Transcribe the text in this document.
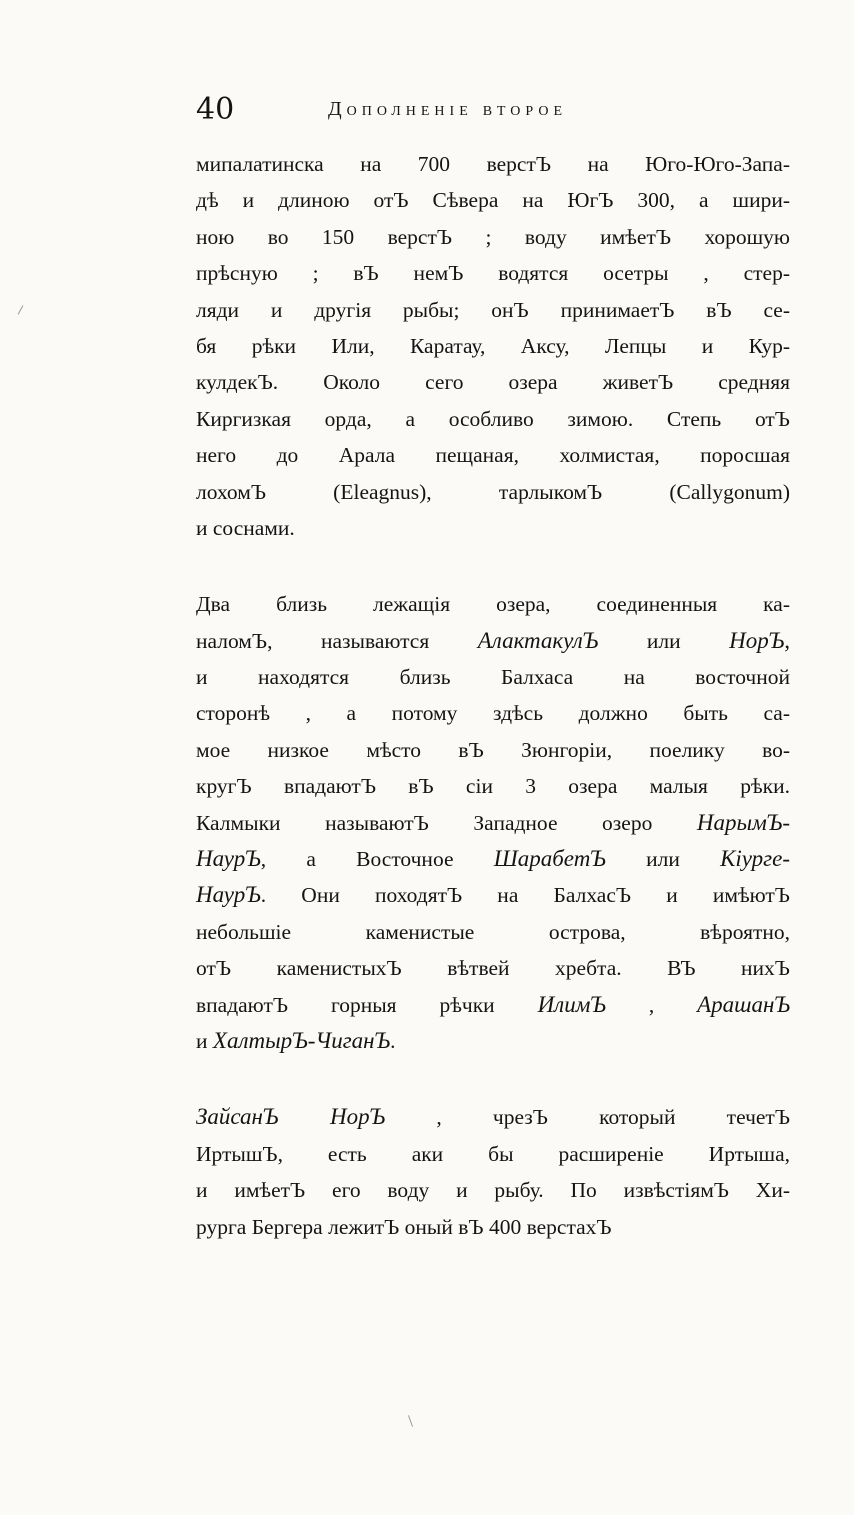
40	Дополненіе второе
мипалатинска на 700 верстЪ на Юго-Юго-Запа-
дѣ и длиною отЪ Сѣвера на ЮгЪ 300, а шири-
ною во 150 верстЪ ; воду имѣетЪ хорошую
прѣсную ; вЪ немЪ водятся осетры , стер-
ляди и другія рыбы; онЪ принимаетЪ вЪ се-
бя рѣки Или, Каратау, Аксу, Лепцы и Кур-
кулдекЪ. Около сего озера живетЪ средняя
Киргизкая орда, а особливо зимою. Степь отЪ
него до Арала пещаная, холмистая, поросшая
лохомЪ (Eleagnus), тарлыкомЪ (Callygonum)
и соснами.
Два близь лежащія озера, соединенныя ка-
наломЪ, называются АлактакулЪ или НорЪ,
и находятся близь Балхаса на восточной
сторонѣ , а потому здѣсь должно быть са-
мое низкое мѣсто вЪ Зюнгоріи, поелику во-
кругЪ впадаютЪ вЪ сіи 3 озера малыя рѣки.
Калмыки называютЪ Западное озеро НарымЪ-
НаурЪ, а Восточное ШарабетЪ или Кіурге-
НаурЪ. Они походятЪ на БалхасЪ и имѣютЪ
небольшіе каменистые острова, вѣроятно,
отЪ каменистыхЪ вѣтвей хребта. ВЪ нихЪ
впадаютЪ горныя рѣчки ИлимЪ , АрашанЪ
и ХалтырЪ-ЧиганЪ.
ЗайсанЪ НорЪ , чрезЪ который течетЪ
ИртышЪ, есть аки бы расширеніе Иртыша,
и имѣетЪ его воду и рыбу. По извѣстіямЪ Хи-
рурга Бергера лежитЪ оный вЪ 400 верстахЪ
